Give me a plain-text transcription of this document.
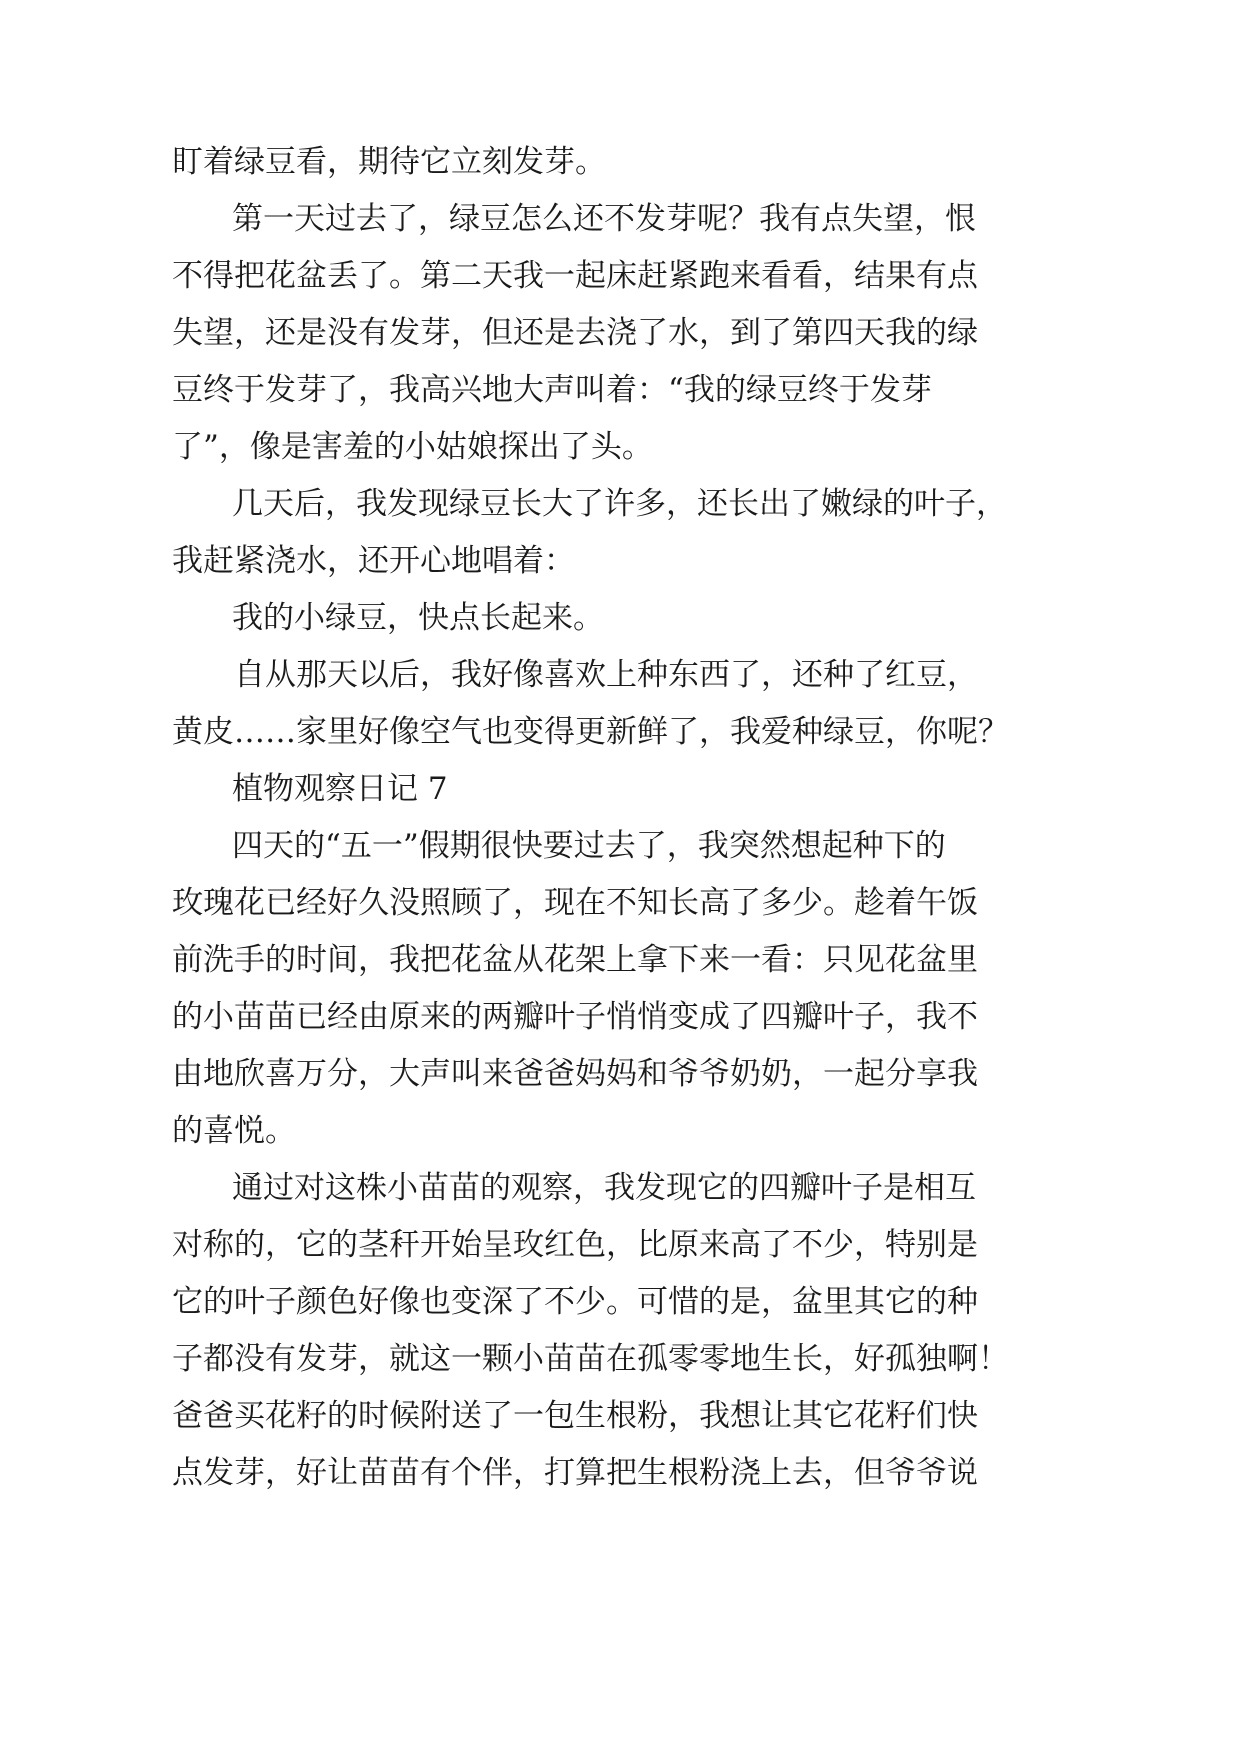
盯着绿豆看，期待它立刻发芽。
第一天过去了，绿豆怎么还不发芽呢？我有点失望，恨
不得把花盆丢了。第二天我一起床赶紧跑来看看，结果有点
失望，还是没有发芽，但还是去浇了水，到了第四天我的绿
豆终于发芽了，我高兴地大声叫着：“我的绿豆终于发芽
了”，像是害羞的小姑娘探出了头。
几天后，我发现绿豆长大了许多，还长出了嫩绿的叶子，
我赶紧浇水，还开心地唱着：
我的小绿豆，快点长起来。
自从那天以后，我好像喜欢上种东西了，还种了红豆，
黄皮……家里好像空气也变得更新鲜了，我爱种绿豆，你呢？
植物观察日记 7
四天的“五一”假期很快要过去了，我突然想起种下的
玫瑰花已经好久没照顾了，现在不知长高了多少。趁着午饭
前洗手的时间，我把花盆从花架上拿下来一看：只见花盆里
的小苗苗已经由原来的两瓣叶子悄悄变成了四瓣叶子，我不
由地欣喜万分，大声叫来爸爸妈妈和爷爷奶奶，一起分享我
的喜悦。
通过对这株小苗苗的观察，我发现它的四瓣叶子是相互
对称的，它的茎秆开始呈玫红色，比原来高了不少，特别是
它的叶子颜色好像也变深了不少。可惜的是，盆里其它的种
子都没有发芽，就这一颗小苗苗在孤零零地生长，好孤独啊！
爸爸买花籽的时候附送了一包生根粉，我想让其它花籽们快
点发芽，好让苗苗有个伴，打算把生根粉浇上去，但爷爷说
